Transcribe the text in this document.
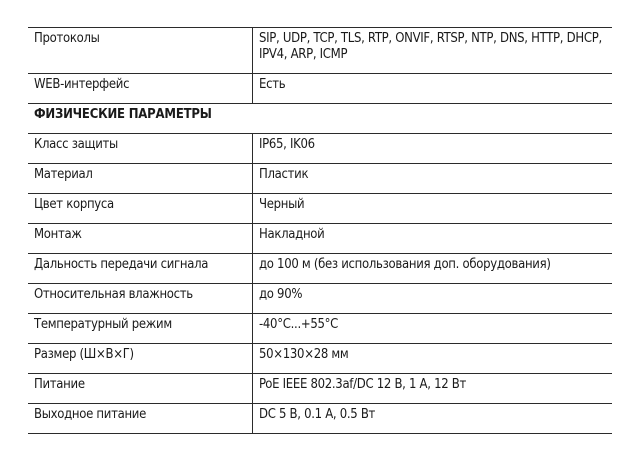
Протоколы	SIP, UDP, TCP, TLS, RTP, ONVIF, RTSP, NTP, DNS, HTTP, DHCP, IPV4, ARP, ICMP
WEB-интерфейс	Есть
ФИЗИЧЕСКИЕ ПАРАМЕТРЫ	
Класс защиты	IP65, IK06
Материал	Пластик
Цвет корпуса	Черный
Монтаж	Накладной
Дальность передачи сигнала	до 100 м (без использования доп. оборудования)
Относительная влажность	до 90%
Температурный режим	-40°C...+55°C
Размер (Ш×В×Г)	50×130×28 мм
Питание	PoE IEEE 802.3af/DC 12 В, 1 А, 12 Вт
Выходное питание	DC 5 В, 0.1 А, 0.5 Вт
